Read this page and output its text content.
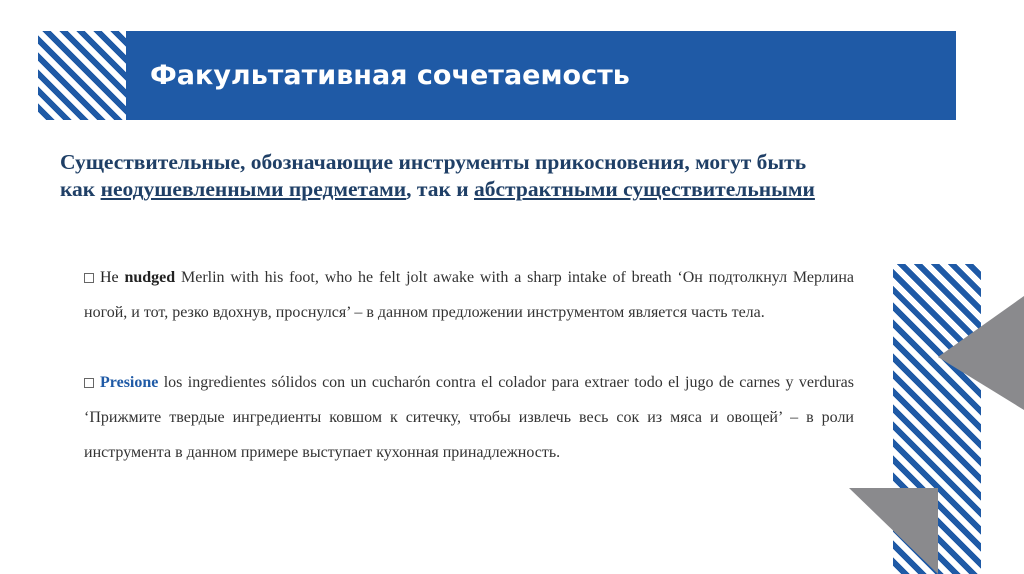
Факультативная сочетаемость
Существительные, обозначающие инструменты прикосновения, могут быть как неодушевленными предметами, так и абстрактными существительными
He nudged Merlin with his foot, who he felt jolt awake with a sharp intake of breath ‘Он подтолкнул Мерлина ногой, и тот, резко вдохнув, проснулся’ – в данном предложении инструментом является часть тела.
Presione los ingredientes sólidos con un cucharón contra el colador para extraer todo el jugo de carnes y verduras ‘Прижмите твердые ингредиенты ковшом к ситечку, чтобы извлечь весь сок из мяса и овощей’ – в роли инструмента в данном примере выступает кухонная принадлежность.
